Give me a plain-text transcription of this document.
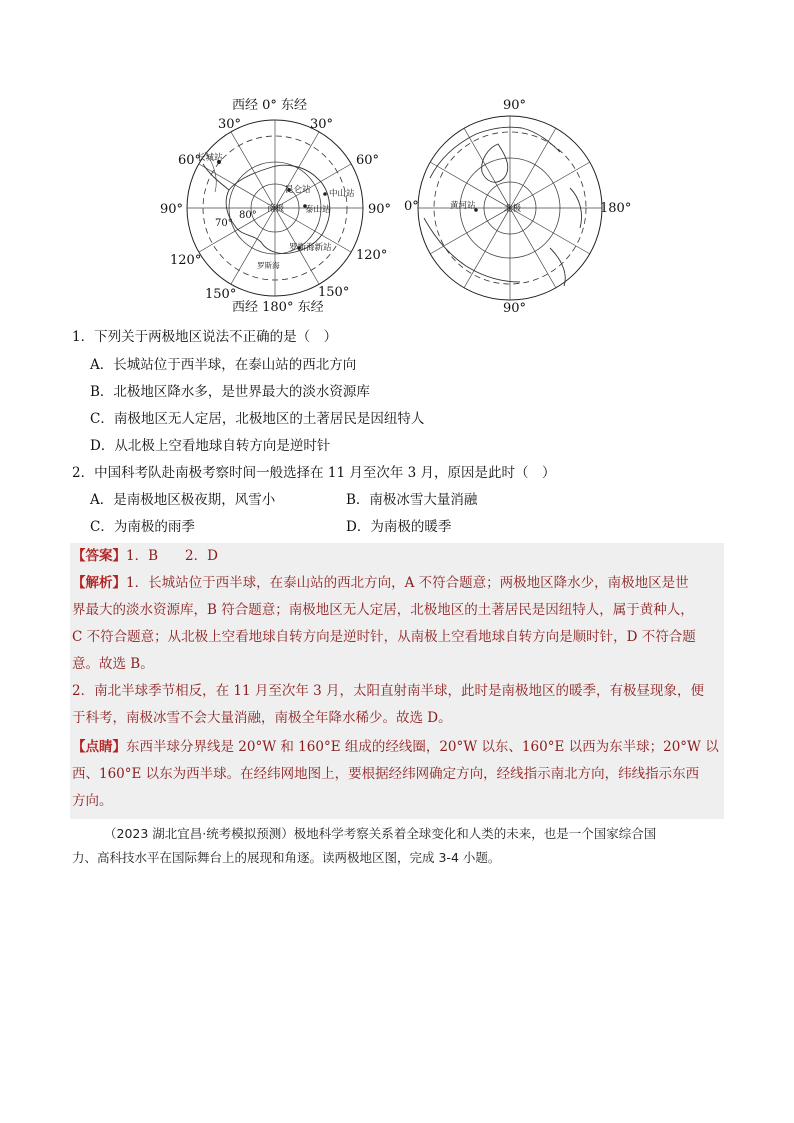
长城站
昆仑站 中山站
泰山站
罗斯海新站
南极
罗斯海
80°
70°
西经 0° 东经
西经 180° 东经
30°	30°
60°	60°
90°	90°
120°	120°
150°	150°
黄河站	北极
90°
90°
0°	180°
1．下列关于两极地区说法不正确的是（　）
A．长城站位于西半球，在泰山站的西北方向
B．北极地区降水多，是世界最大的淡水资源库
C．南极地区无人定居，北极地区的土著居民是因纽特人
D．从北极上空看地球自转方向是逆时针
2．中国科考队赴南极考察时间一般选择在 11 月至次年 3 月，原因是此时（　）
A．是南极地区极夜期，风雪小	B．南极冰雪大量消融
C．为南极的雨季	D．为南极的暖季
【答案】1．B　　2．D
【解析】1．长城站位于西半球，在泰山站的西北方向，A 不符合题意；两极地区降水少，南极地区是世
界最大的淡水资源库，B 符合题意；南极地区无人定居，北极地区的土著居民是因纽特人，属于黄种人，
C 不符合题意；从北极上空看地球自转方向是逆时针，从南极上空看地球自转方向是顺时针，D 不符合题
意。故选 B。
2．南北半球季节相反，在 11 月至次年 3 月，太阳直射南半球，此时是南极地区的暖季，有极昼现象，便
于科考，南极冰雪不会大量消融，南极全年降水稀少。故选 D。
【点睛】东西半球分界线是 20°W 和 160°E 组成的经线圈，20°W 以东、160°E 以西为东半球；20°W 以
西、160°E 以东为西半球。在经纬网地图上，要根据经纬网确定方向，经线指示南北方向，纬线指示东西
方向。
（2023 湖北宜昌·统考模拟预测）极地科学考察关系着全球变化和人类的未来，也是一个国家综合国
力、高科技水平在国际舞台上的展现和角逐。读两极地区图，完成 3-4 小题。
